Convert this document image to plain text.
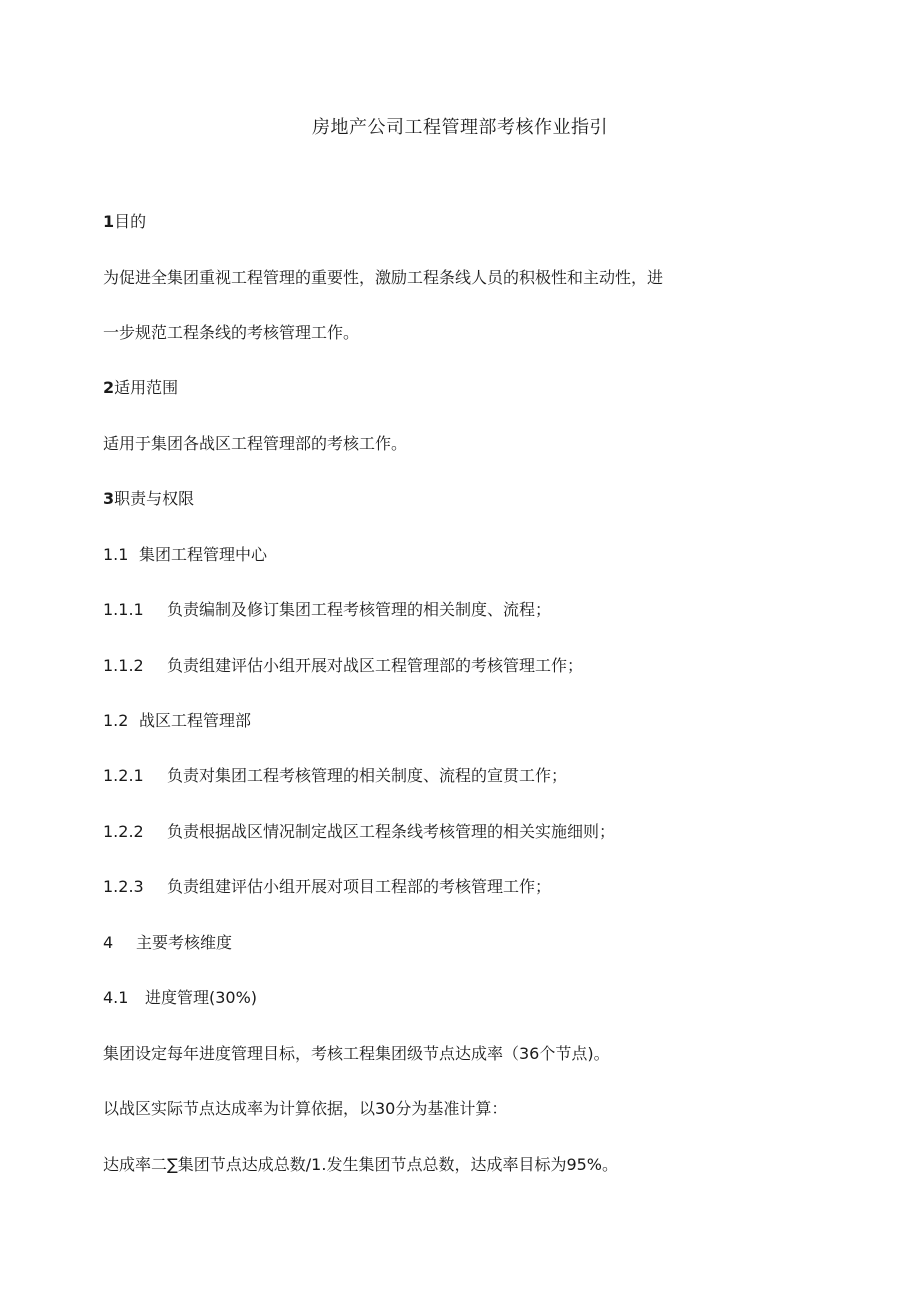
房地产公司工程管理部考核作业指引
1目的
为促进全集团重视工程管理的重要性，激励工程条线人员的积极性和主动性，进
一步规范工程条线的考核管理工作。
2适用范围
适用于集团各战区工程管理部的考核工作。
3职责与权限
1.1 集团工程管理中心
1.1.1 负责编制及修订集团工程考核管理的相关制度、流程；
1.1.2 负责组建评估小组开展对战区工程管理部的考核管理工作；
1.2 战区工程管理部
1.2.1 负责对集团工程考核管理的相关制度、流程的宣贯工作；
1.2.2 负责根据战区情况制定战区工程条线考核管理的相关实施细则；
1.2.3 负责组建评估小组开展对项目工程部的考核管理工作；
4 主要考核维度
4.1 进度管理(30%)
集团设定每年进度管理目标，考核工程集团级节点达成率（36个节点)。
以战区实际节点达成率为计算依据，以30分为基准计算：
达成率二∑集团节点达成总数/1.发生集团节点总数，达成率目标为95%。
